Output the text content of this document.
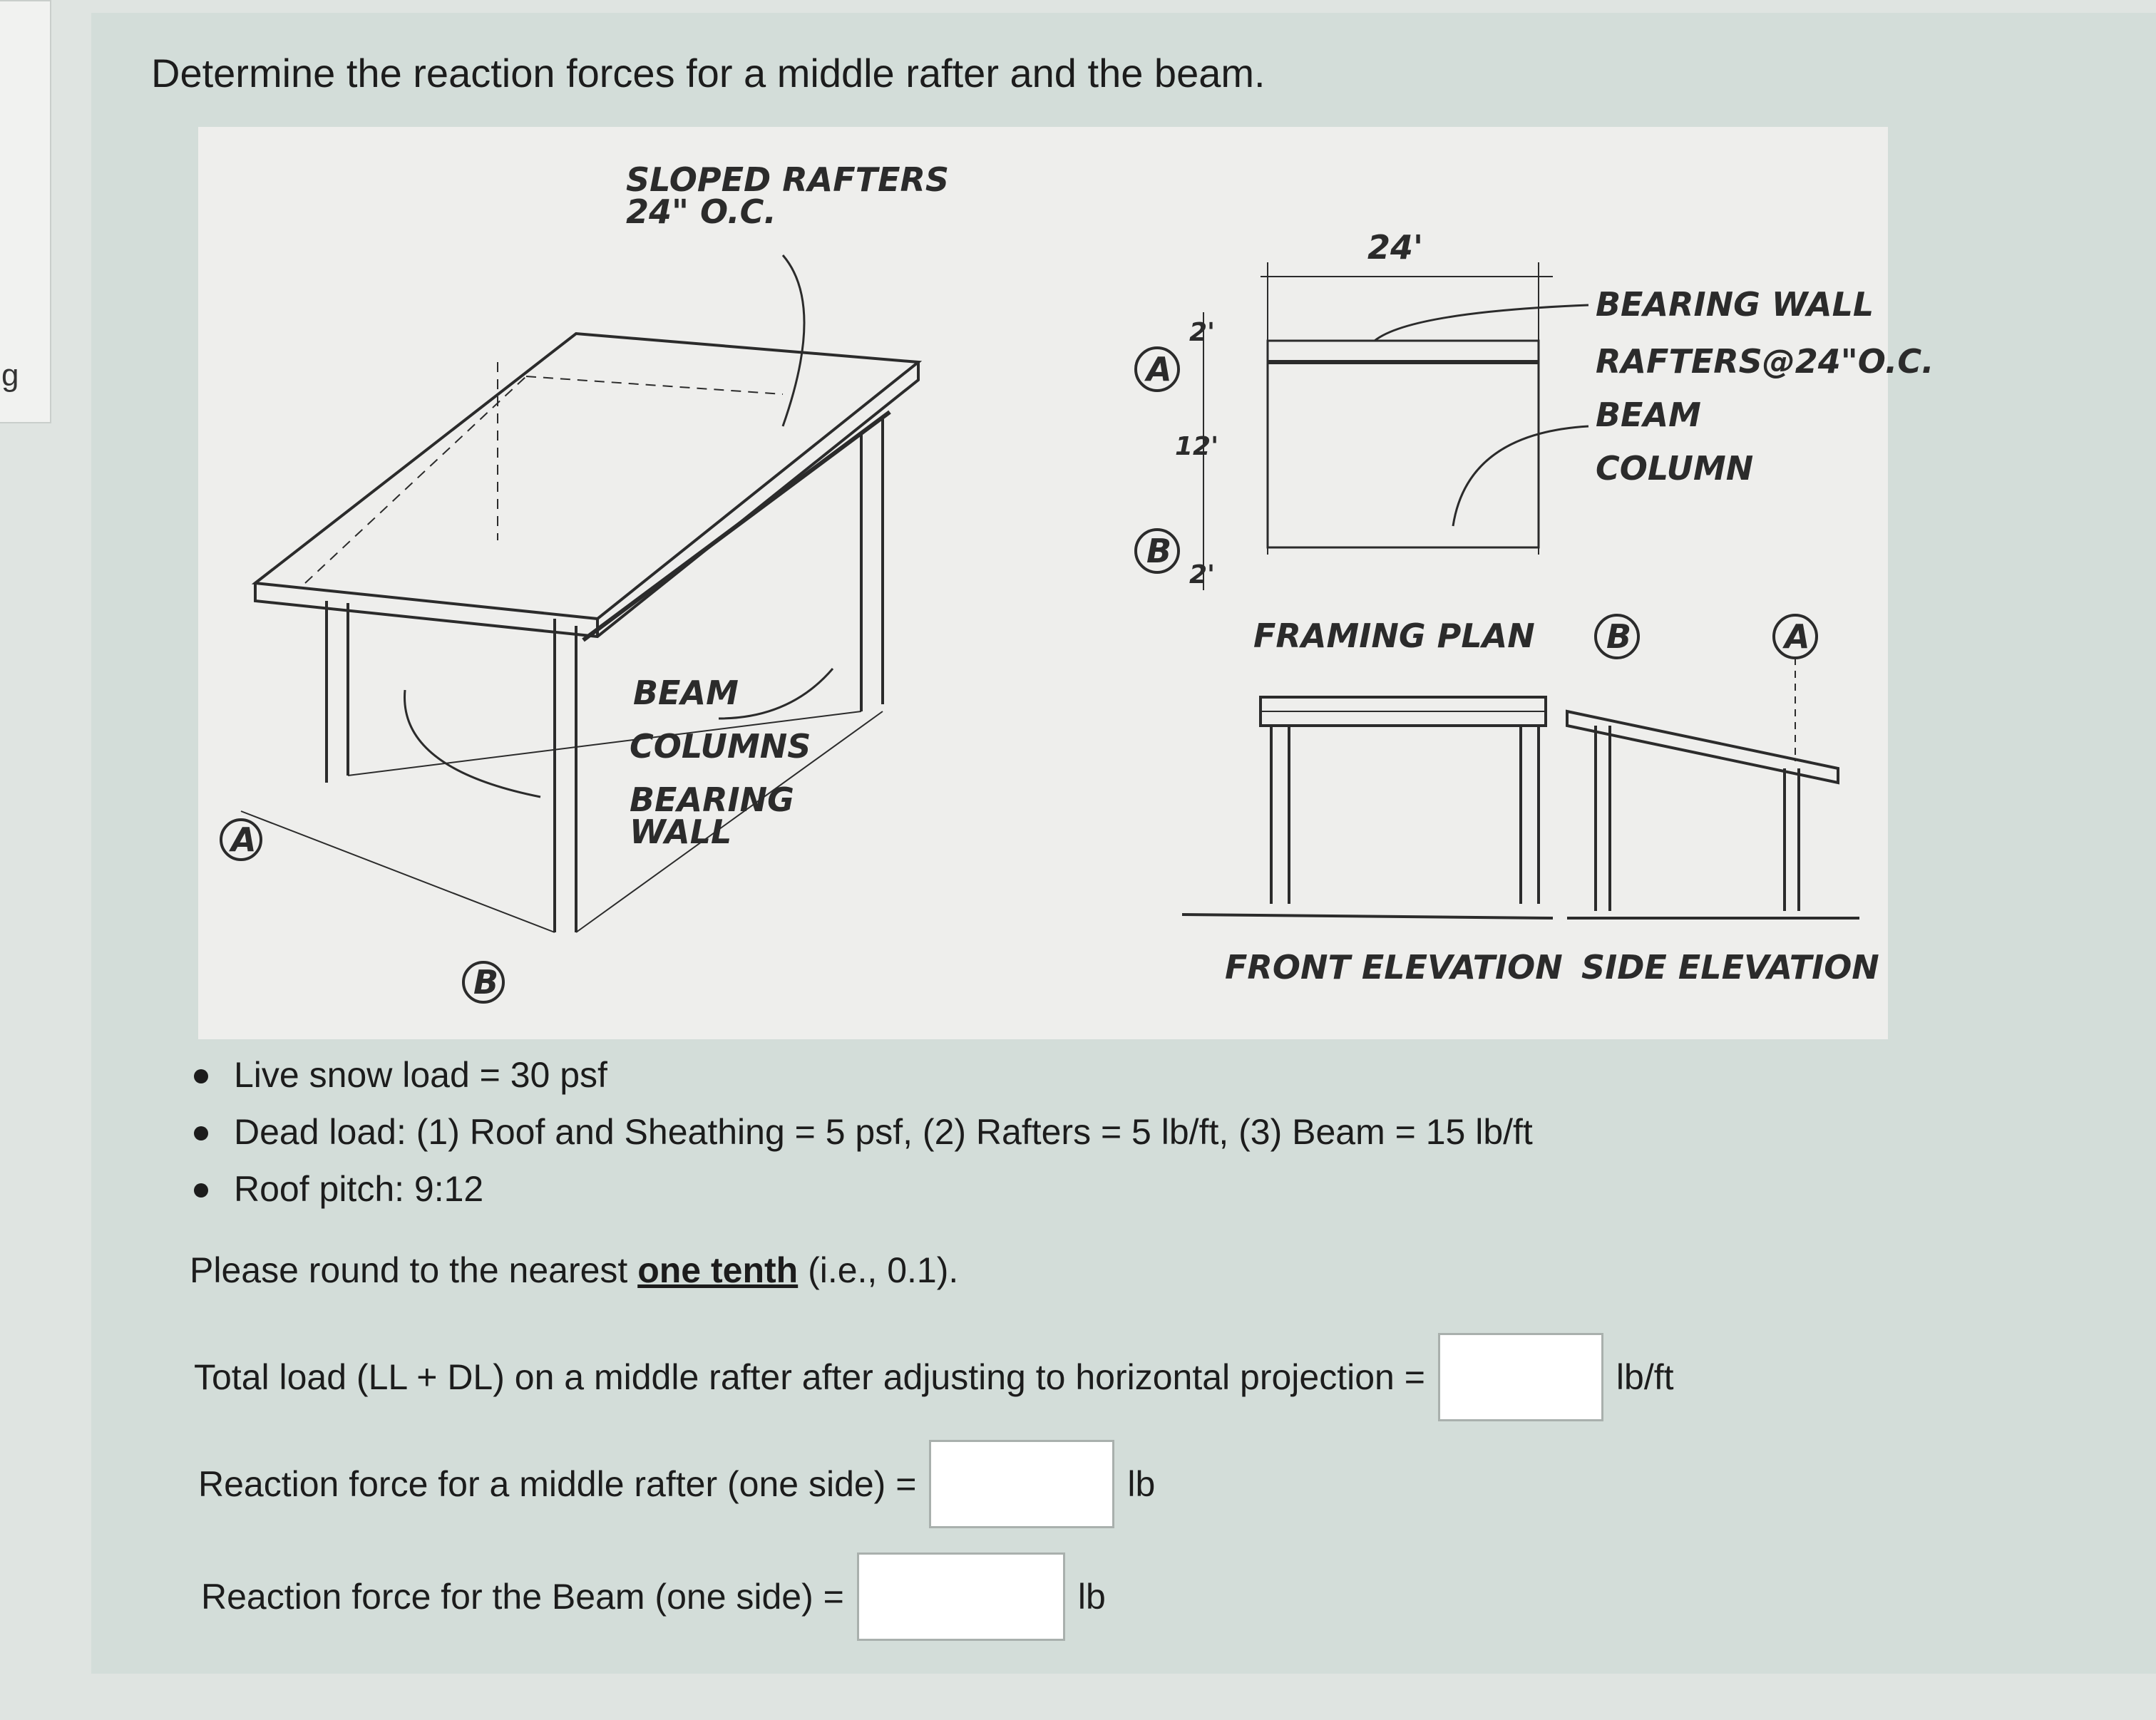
g
Determine the reaction forces for a middle rafter and the beam.
SLOPED RAFTERS
24" O.C.
BEAM
COLUMNS
BEARING
WALL
A
B
24'
2'
12'
2'
A
B
B	A
BEARING WALL
RAFTERS@24"O.C.
BEAM
COLUMN
FRAMING PLAN
FRONT ELEVATION SIDE ELEVATION
Live snow load = 30 psf
Dead load: (1) Roof and Sheathing = 5 psf, (2) Rafters = 5 lb/ft, (3) Beam = 15 lb/ft
Roof pitch: 9:12
Please round to the nearest one tenth (i.e., 0.1).
Total load (LL + DL) on a middle rafter after adjusting to horizontal projection =	lb/ft
Reaction force for a middle rafter (one side) =	lb
Reaction force for the Beam (one side) =	lb
